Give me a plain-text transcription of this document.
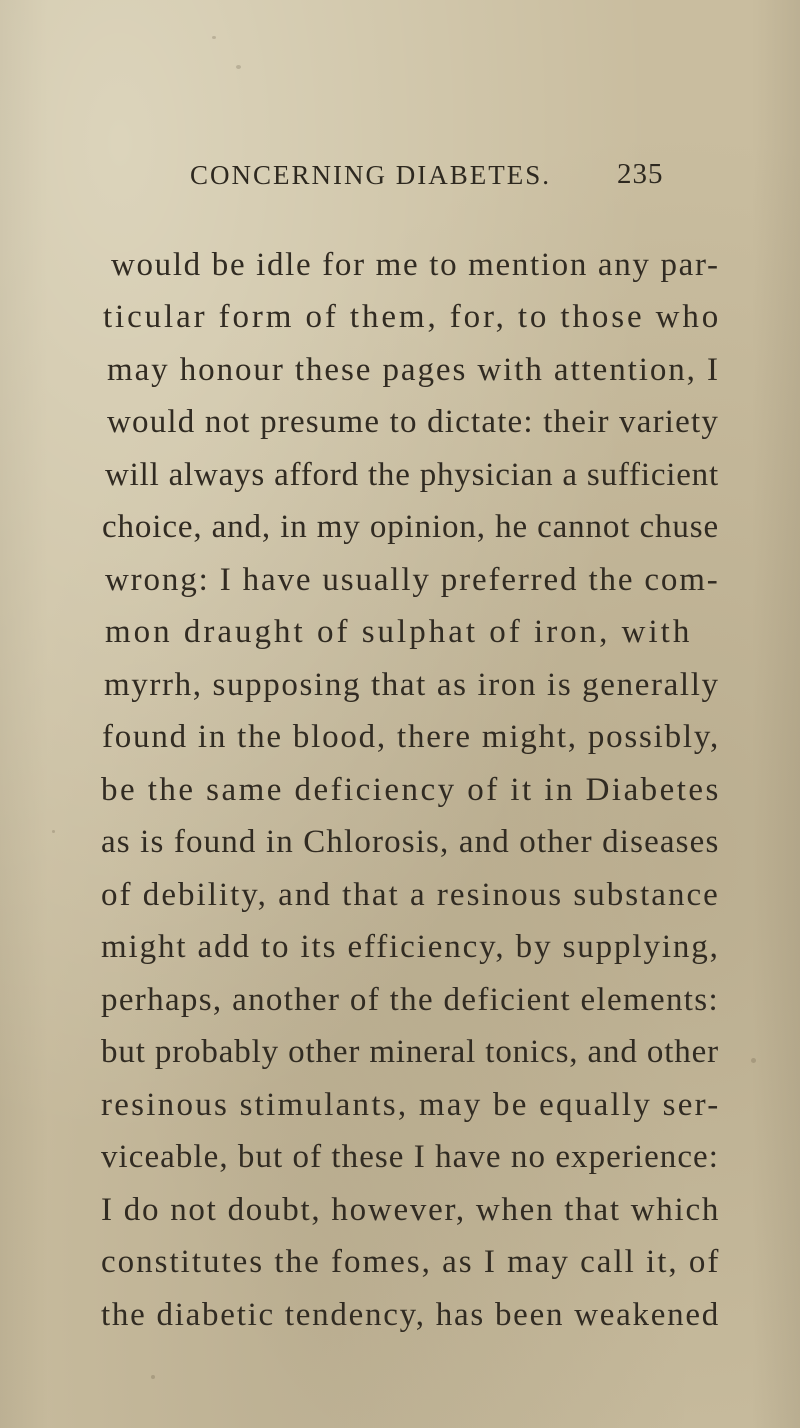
CONCERNING DIABETES. 235
would be idle for me to mention any par-
ticular form of them, for, to those who
may honour these pages with attention, I
would not presume to dictate: their variety
will always afford the physician a sufficient
choice, and, in my opinion, he cannot chuse
wrong: I have usually preferred the com-
mon draught of sulphat of iron, with
myrrh, supposing that as iron is generally
found in the blood, there might, possibly,
be the same deficiency of it in Diabetes
as is found in Chlorosis, and other diseases
of debility, and that a resinous substance
might add to its efficiency, by supplying,
perhaps, another of the deficient elements:
but probably other mineral tonics, and other
resinous stimulants, may be equally ser-
viceable, but of these I have no experience:
I do not doubt, however, when that which
constitutes the fomes, as I may call it, of
the diabetic tendency, has been weakened
